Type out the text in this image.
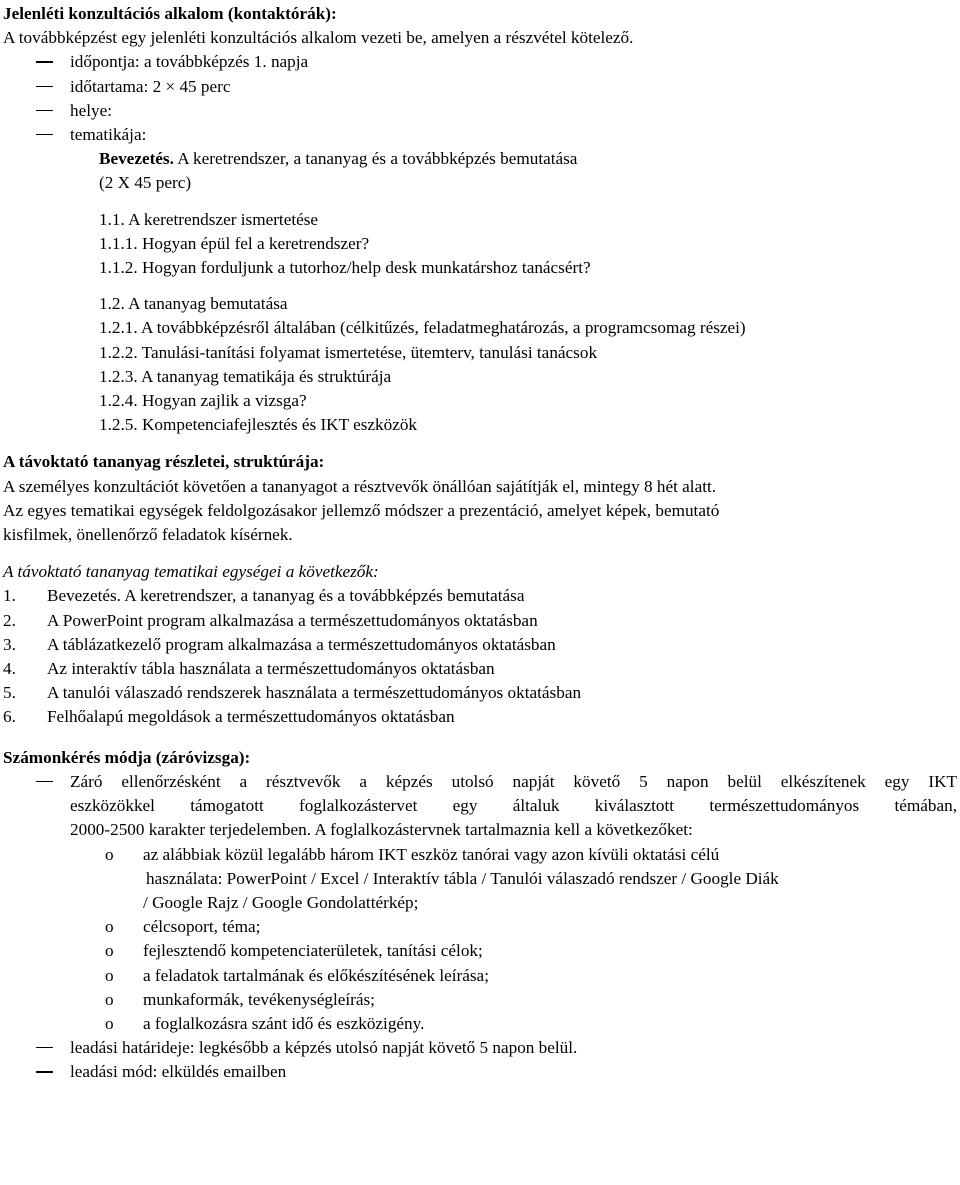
Jelenléti konzultációs alkalom (kontaktórák):
A továbbképzést egy jelenléti konzultációs alkalom vezeti be, amelyen a részvétel kötelező.
időpontja: a továbbképzés 1. napja
időtartama: 2 × 45 perc
helye:
tematikája:
Bevezetés. A keretrendszer, a tananyag és a továbbképzés bemutatása
(2 X 45 perc)
1.1. A keretrendszer ismertetése
1.1.1. Hogyan épül fel a keretrendszer?
1.1.2. Hogyan forduljunk a tutorhoz/help desk munkatárshoz tanácsért?
1.2. A tananyag bemutatása
1.2.1. A továbbképzésről általában (célkitűzés, feladatmeghatározás, a programcsomag részei)
1.2.2. Tanulási-tanítási folyamat ismertetése, ütemterv, tanulási tanácsok
1.2.3. A tananyag tematikája és struktúrája
1.2.4. Hogyan zajlik a vizsga?
1.2.5. Kompetenciafejlesztés és IKT eszközök
A távoktató tananyag részletei, struktúrája:
A személyes konzultációt követően a tananyagot a résztvevők önállóan sajátítják el, mintegy 8 hét alatt.
Az egyes tematikai egységek feldolgozásakor jellemző módszer a prezentáció, amelyet képek, bemutató
kisfilmek, önellenőrző feladatok kísérnek.
A távoktató tananyag tematikai egységei a következők:
1. Bevezetés. A keretrendszer, a tananyag és a továbbképzés bemutatása
2. A PowerPoint program alkalmazása a természettudományos oktatásban
3. A táblázatkezelő program alkalmazása a természettudományos oktatásban
4. Az interaktív tábla használata a természettudományos oktatásban
5. A tanulói válaszadó rendszerek használata a természettudományos oktatásban
6. Felhőalapú megoldások a természettudományos oktatásban
Számonkérés módja (záróvizsga):
Záró ellenőrzésként a résztvevők a képzés utolsó napját követő 5 napon belül elkészítenek egy IKT
eszközökkel támogatott foglalkozástervet egy általuk kiválasztott természettudományos témában,
2000-2500 karakter terjedelemben. A foglalkozástervnek tartalmaznia kell a következőket:
o az alábbiak közül legalább három IKT eszköz tanórai vagy azon kívüli oktatási célú
használata: PowerPoint / Excel / Interaktív tábla / Tanulói válaszadó rendszer / Google Diák
/ Google Rajz / Google Gondolattérkép;
o célcsoport, téma;
o fejlesztendő kompetenciaterületek, tanítási célok;
o a feladatok tartalmának és előkészítésének leírása;
o munkaformák, tevékenységleírás;
o a foglalkozásra szánt idő és eszközigény.
leadási határideje: legkésőbb a képzés utolsó napját követő 5 napon belül.
leadási mód: elküldés emailben
